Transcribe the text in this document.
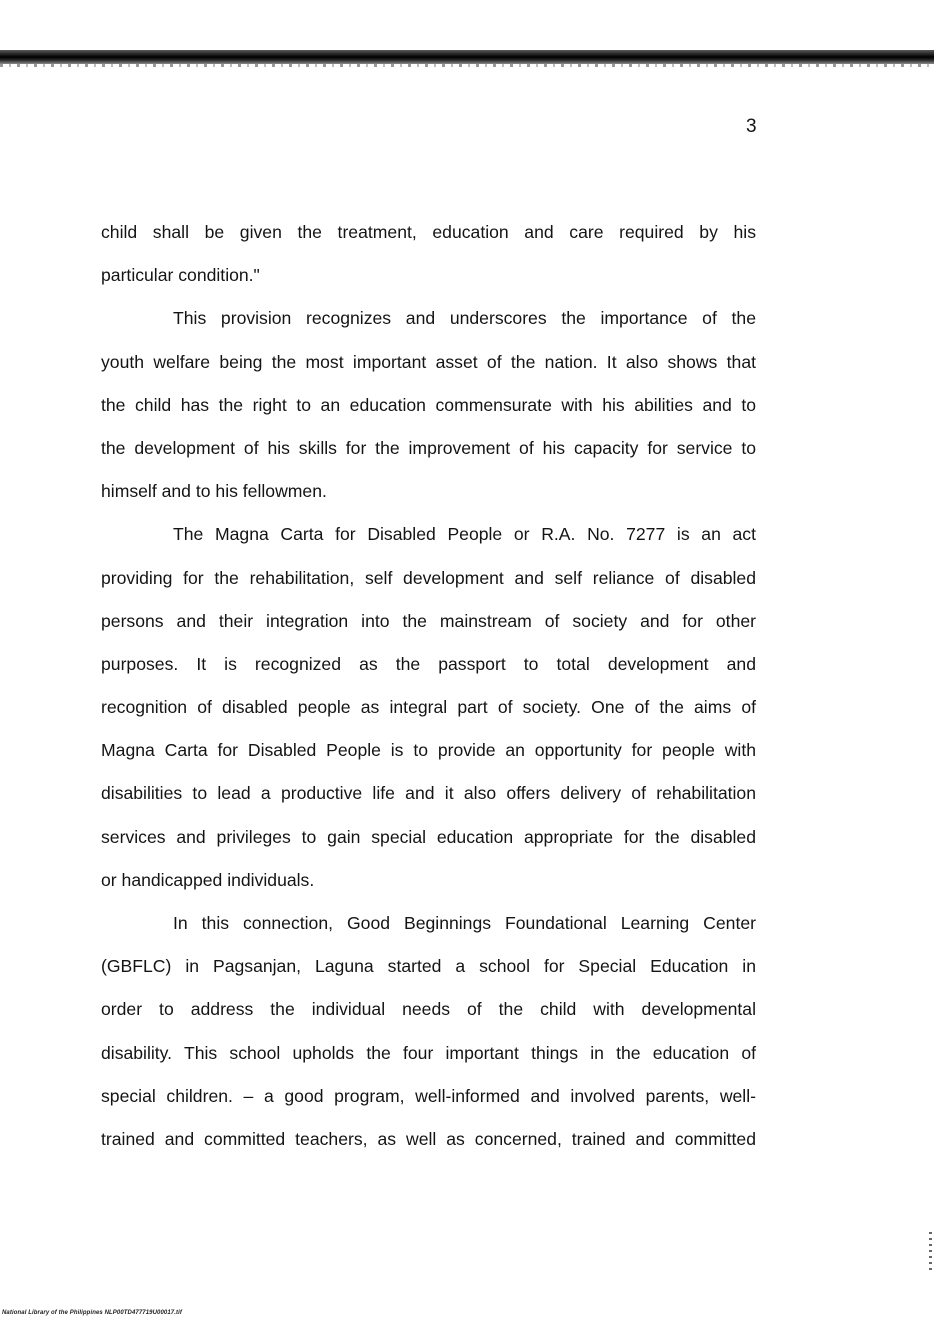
3
child shall be given the treatment, education and care required by his
particular condition."
This provision recognizes and underscores the importance of the
youth welfare being the most important asset of the nation. It also shows that
the child has the right to an education commensurate with his abilities and to
the development of his skills for the improvement of his capacity for service to
himself and to his fellowmen.
The Magna Carta for Disabled People or R.A. No. 7277 is an act
providing for the rehabilitation, self development and self reliance of disabled
persons and their integration into the mainstream of society and for other
purposes. It is recognized as the passport to total development and
recognition of disabled people as integral part of society. One of the aims of
Magna Carta for Disabled People is to provide an opportunity for people with
disabilities to lead a productive life and it also offers delivery of rehabilitation
services and privileges to gain special education appropriate for the disabled
or handicapped individuals.
In this connection, Good Beginnings Foundational Learning Center
(GBFLC) in Pagsanjan, Laguna started a school for Special Education in
order to address the individual needs of the child with developmental
disability. This school upholds the four important things in the education of
special children. – a good program, well-informed and involved parents, well-
trained and committed teachers, as well as concerned, trained and committed
National Library of the Philippines NLP00TD477719U00017.tif
